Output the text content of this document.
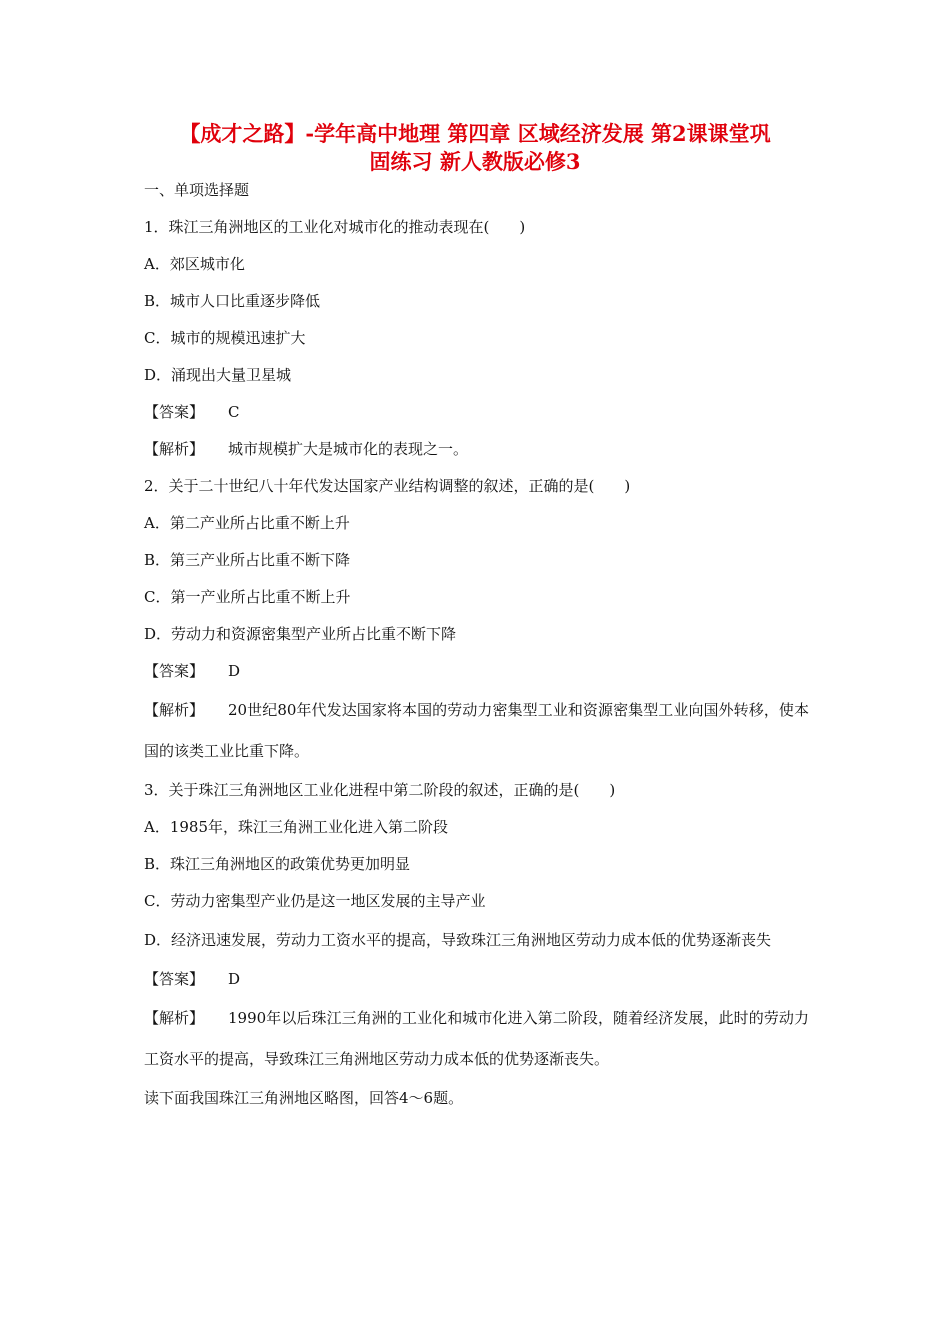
【成才之路】-学年高中地理 第四章 区域经济发展 第2课课堂巩
固练习 新人教版必修3
一、单项选择题
1．珠江三角洲地区的工业化对城市化的推动表现在(　　)
A．郊区城市化
B．城市人口比重逐步降低
C．城市的规模迅速扩大
D．涌现出大量卫星城
【答案】 C
【解析】 城市规模扩大是城市化的表现之一。
2．关于二十世纪八十年代发达国家产业结构调整的叙述，正确的是(　　)
A．第二产业所占比重不断上升
B．第三产业所占比重不断下降
C．第一产业所占比重不断上升
D．劳动力和资源密集型产业所占比重不断下降
【答案】 D
【解析】 20世纪80年代发达国家将本国的劳动力密集型工业和资源密集型工业向国外转移，使本国的该类工业比重下降。
3．关于珠江三角洲地区工业化进程中第二阶段的叙述，正确的是(　　)
A．1985年，珠江三角洲工业化进入第二阶段
B．珠江三角洲地区的政策优势更加明显
C．劳动力密集型产业仍是这一地区发展的主导产业
D．经济迅速发展，劳动力工资水平的提高，导致珠江三角洲地区劳动力成本低的优势逐渐丧失
【答案】 D
【解析】 1990年以后珠江三角洲的工业化和城市化进入第二阶段，随着经济发展，此时的劳动力工资水平的提高，导致珠江三角洲地区劳动力成本低的优势逐渐丧失。
读下面我国珠江三角洲地区略图，回答4～6题。
